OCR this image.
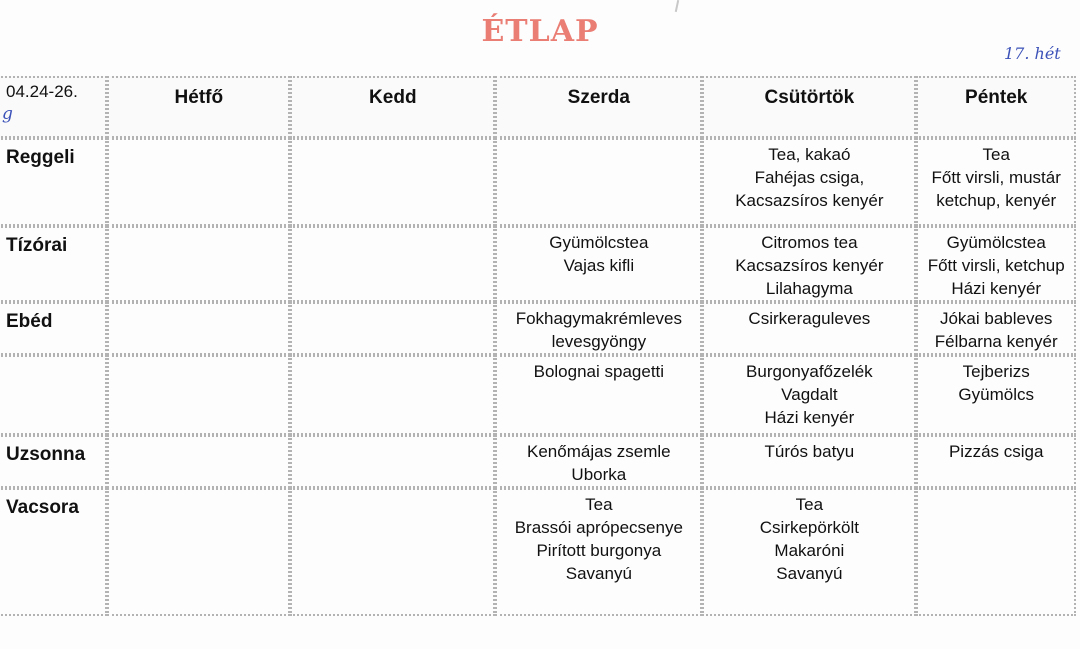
ÉTLAP
17. hét
04.24-26.
g	Hétfő	Kedd	Szerda	Csütörtök	Péntek
Reggeli				Tea, kakaó
Fahéjas csiga,
Kacsazsíros kenyér	Tea
Főtt virsli, mustár
ketchup, kenyér

Tízórai			Gyümölcstea
Vajas kifli	Citromos tea
Kacsazsíros kenyér
Lilahagyma	Gyümölcstea
Főtt virsli, ketchup
Házi kenyér

Ebéd			Fokhagymakrémleves
levesgyöngy	Csirkeraguleves	Jókai bableves
Félbarna kenyér

			Bolognai spagetti	Burgonyafőzelék
Vagdalt
Házi kenyér	Tejberizs
Gyümölcs

Uzsonna			Kenőmájas zsemle
Uborka	Túrós batyu	Pizzás csiga

Vacsora			Tea
Brassói aprópecsenye
Pirított burgonya
Savanyú	Tea
Csirkepörkölt
Makaróni
Savanyú	
